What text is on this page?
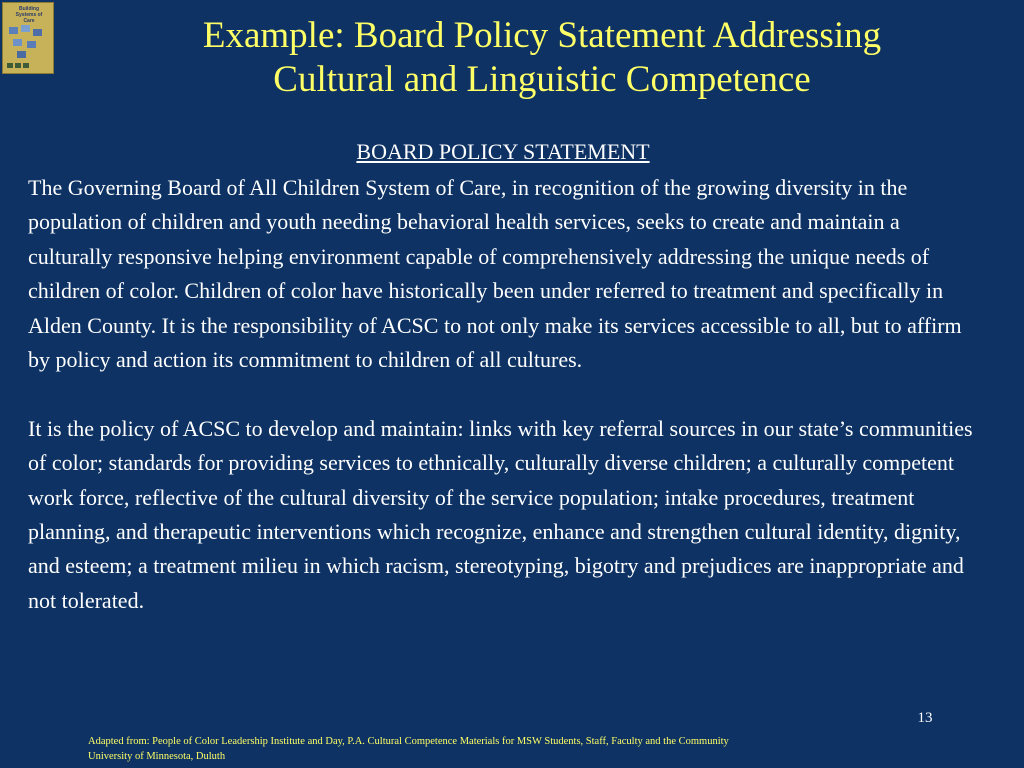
Building
Systems of
Care	Example: Board Policy Statement Addressing
Cultural and Linguistic Competence
BOARD POLICY STATEMENT

The Governing Board of All Children System of Care, in recognition of the growing diversity in the population of children and youth needing behavioral health services, seeks to create and maintain a culturally responsive helping environment capable of comprehensively addressing the unique needs of children of color. Children of color have historically been under referred to treatment and specifically in Alden County. It is the responsibility of ACSC to not only make its services accessible to all, but to affirm by policy and action its commitment to children of all cultures.

It is the policy of ACSC to develop and maintain: links with key referral sources in our state’s communities of color; standards for providing services to ethnically, culturally diverse children; a culturally competent work force, reflective of the cultural diversity of the service population; intake procedures, treatment planning, and therapeutic interventions which recognize, enhance and strengthen cultural identity, dignity, and esteem; a treatment milieu in which racism, stereotyping, bigotry and prejudices are inappropriate and not tolerated.

13
Adapted from: People of Color Leadership Institute and Day, P.A. Cultural Competence Materials for MSW Students, Staff, Faculty and the Community
University of Minnesota, Duluth
